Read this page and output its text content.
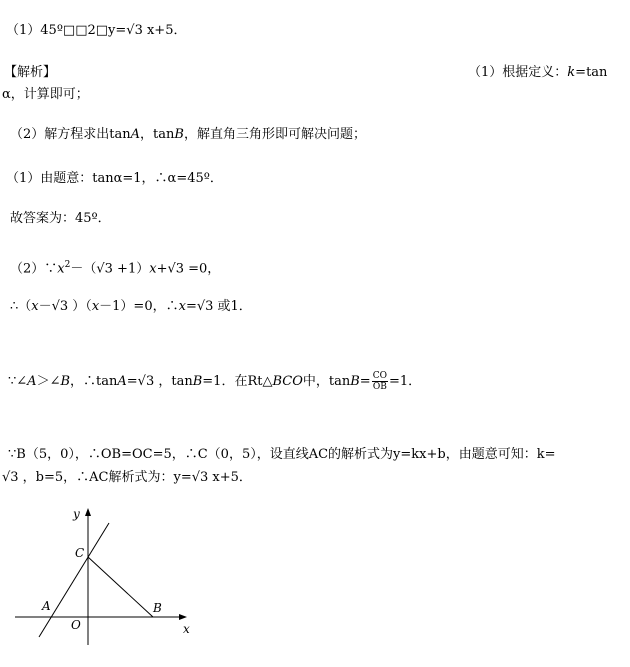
（1）45º□□2□y=√3 x+5．
【解析】	（1）根据定义：k=tan
α，计算即可；
（2）解方程求出tanA，tanB，解直角三角形即可解决问题；
（1）由题意：tanα=1，∴α=45º．
故答案为：45º．
$(2)\because x^2-(√3 +1)x+√3 =0$，
∴（x－√3 ）（x－1）=0，∴x=√3 或1．
∵∠A＞∠B，∴tanA=√3 ，tanB=1．在Rt△BCO中，$\tan B= \frac{CO}{OB} =1$．
∵B（5，0），∴OB=OC=5，∴C（0，5），设直线AC的解析式为y=kx+b，由题意可知：k=
√3 ，b=5，∴AC解析式为：y=√3 x+5．
y
x
C
A
O
B
